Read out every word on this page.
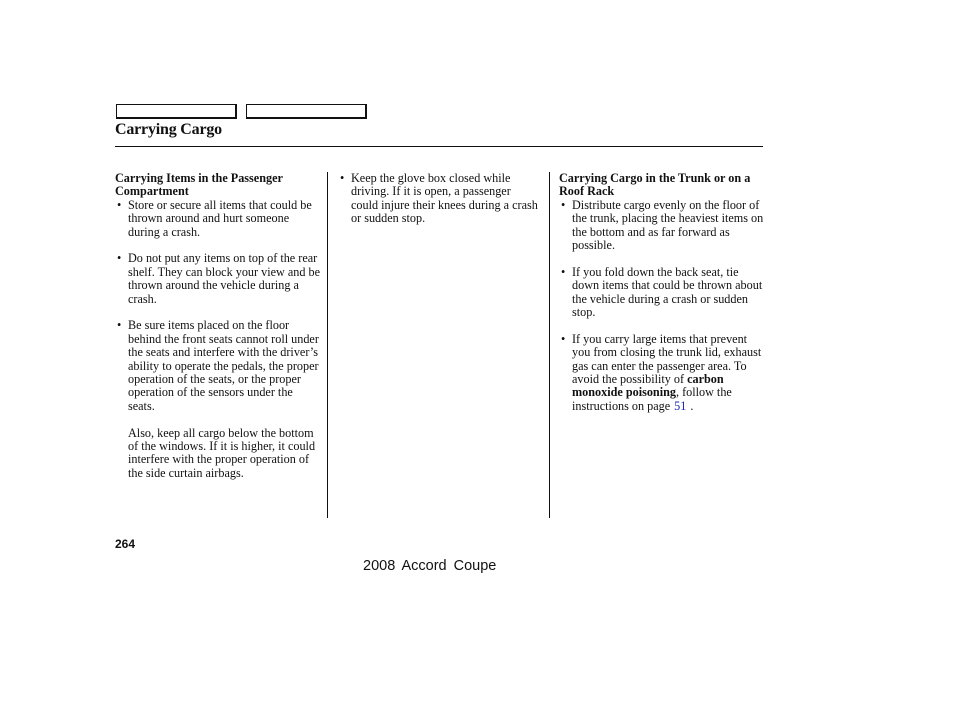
Carrying Cargo
Carrying Items in the Passenger Compartment
• Store or secure all items that could be thrown around and hurt someone during a crash.
• Do not put any items on top of the rear shelf. They can block your view and be thrown around the vehicle during a crash.
• Be sure items placed on the floor behind the front seats cannot roll under the seats and interfere with the driver’s ability to operate the pedals, the proper operation of the seats, or the proper operation of the sensors under the seats.
Also, keep all cargo below the bottom of the windows. If it is higher, it could interfere with the proper operation of the side curtain airbags.
• Keep the glove box closed while driving. If it is open, a passenger could injure their knees during a crash or sudden stop.
Carrying Cargo in the Trunk or on a Roof Rack
• Distribute cargo evenly on the floor of the trunk, placing the heaviest items on the bottom and as far forward as possible.
• If you fold down the back seat, tie down items that could be thrown about the vehicle during a crash or sudden stop.
• If you carry large items that prevent you from closing the trunk lid, exhaust gas can enter the passenger area. To avoid the possibility of carbon monoxide poisoning, follow the instructions on page 51 .
264
2008 Accord Coupe
